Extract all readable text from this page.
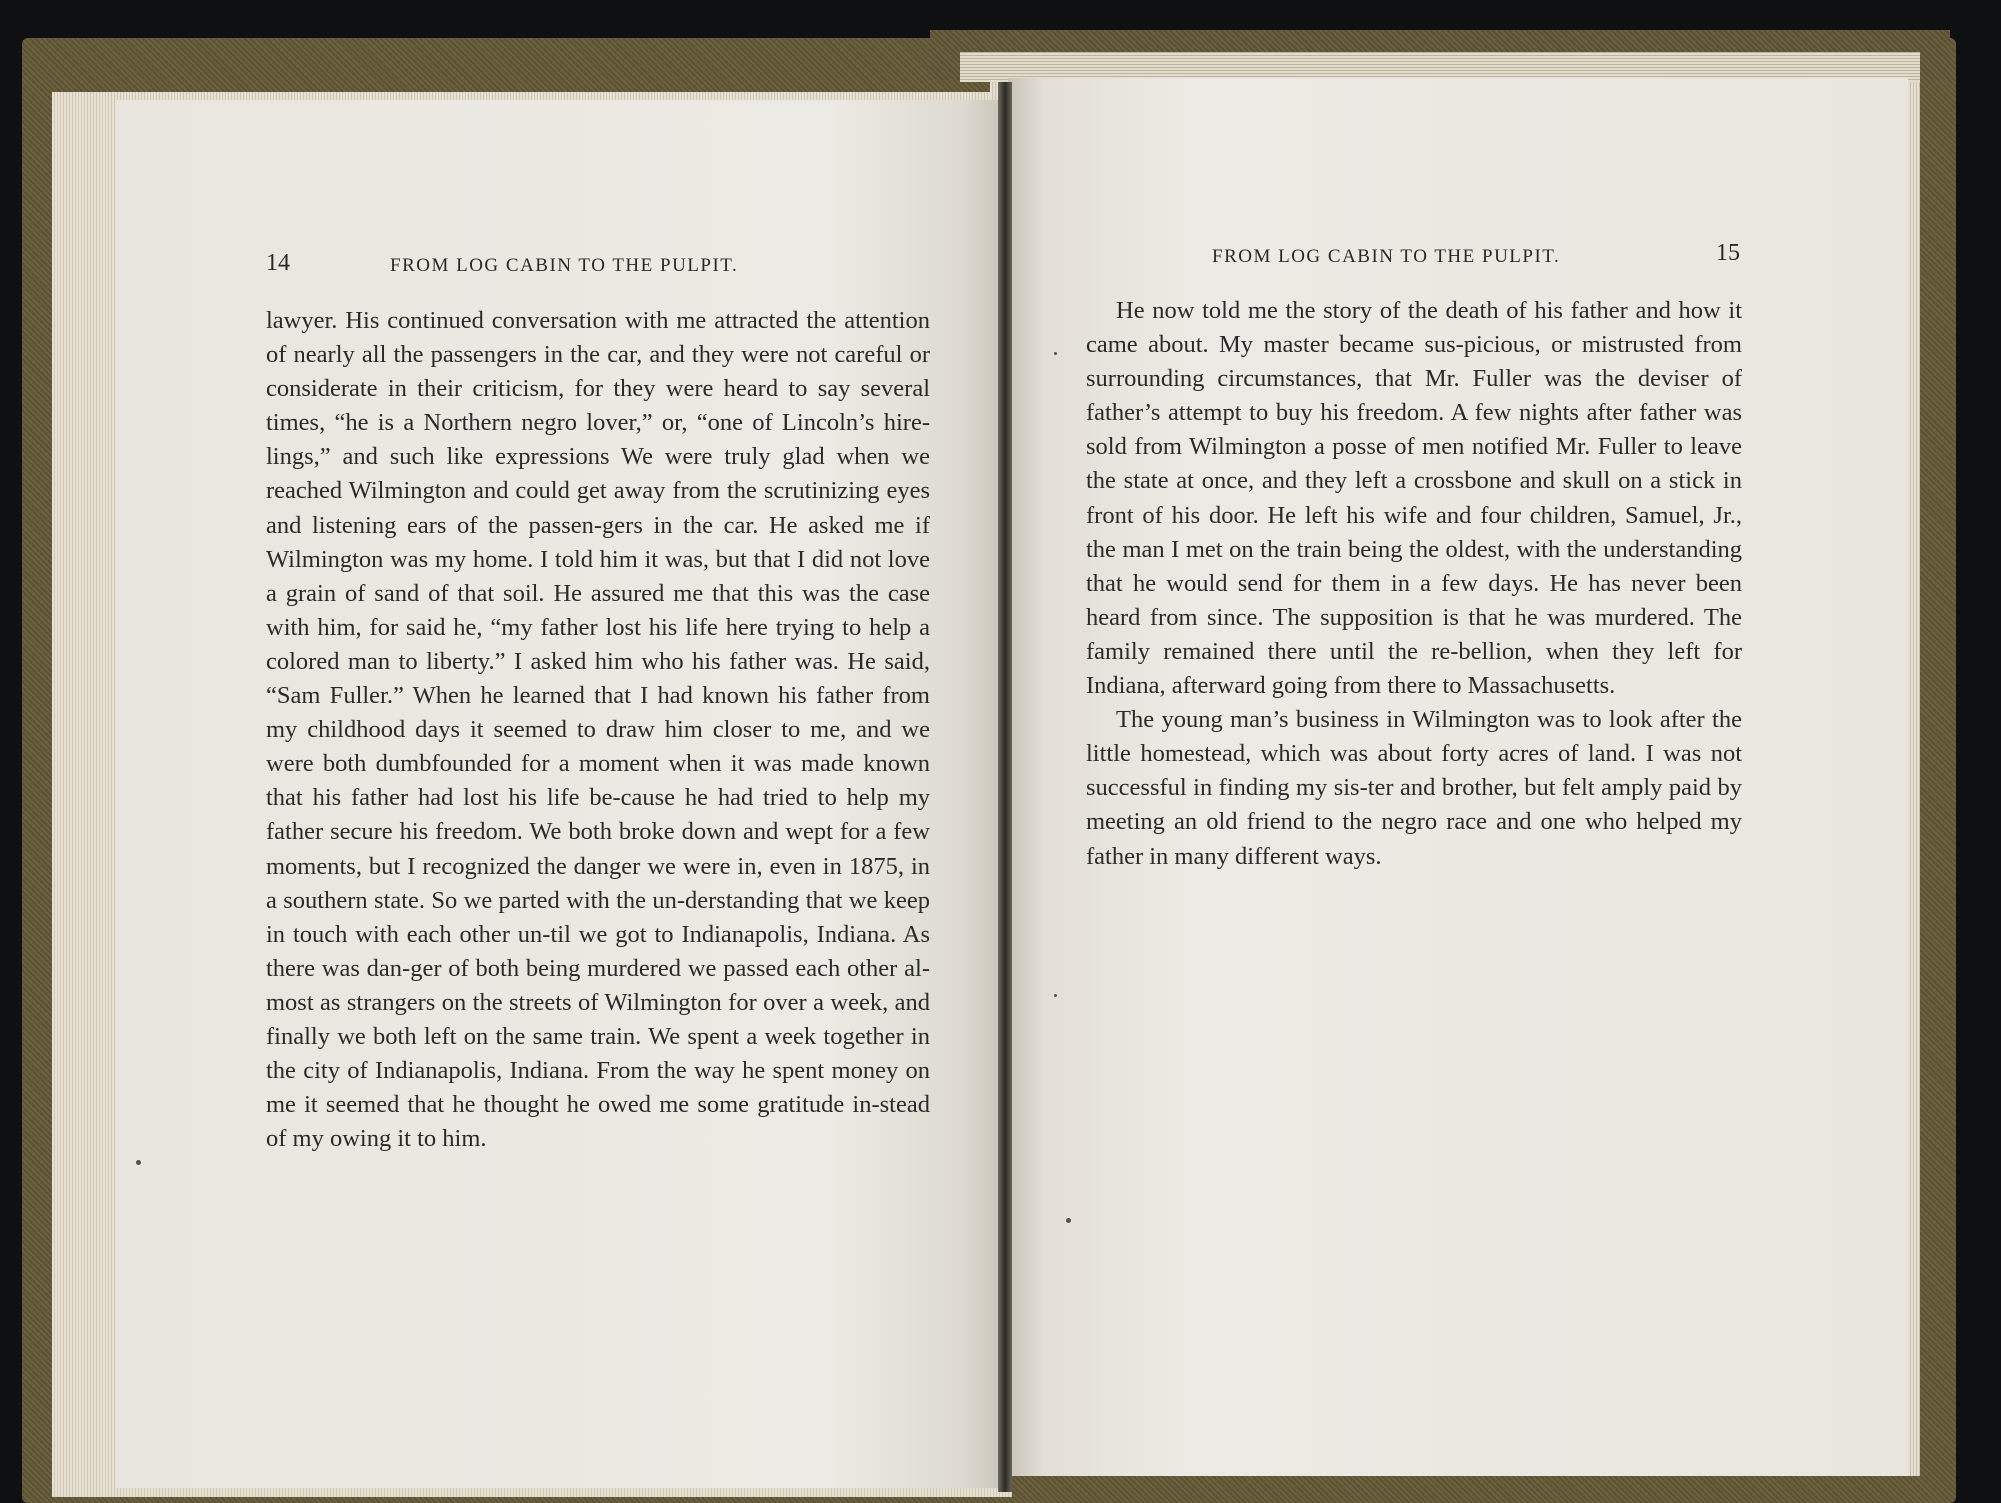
14	FROM LOG CABIN TO THE PULPIT.	FROM LOG CABIN TO THE PULPIT.	15

lawyer. His continued conversation with me attracted the attention of nearly all the passengers in the car, and they were not careful or considerate in their criticism, for they were heard to say several times, “he is a Northern negro lover,” or, “one of Lincoln’s hire-lings,” and such like expressions We were truly glad when we reached Wilmington and could get away from the scrutinizing eyes and listening ears of the passen-gers in the car. He asked me if Wilmington was my home. I told him it was, but that I did not love a grain of sand of that soil. He assured me that this was the case with him, for said he, “my father lost his life here trying to help a colored man to liberty.” I asked him who his father was. He said, “Sam Fuller.” When he learned that I had known his father from my childhood days it seemed to draw him closer to me, and we were both dumbfounded for a moment when it was made known that his father had lost his life be-cause he had tried to help my father secure his freedom. We both broke down and wept for a few moments, but I recognized the danger we were in, even in 1875, in a southern state. So we parted with the un-derstanding that we keep in touch with each other un-til we got to Indianapolis, Indiana. As there was dan-ger of both being murdered we passed each other al-most as strangers on the streets of Wilmington for over a week, and finally we both left on the same train. We spent a week together in the city of Indianapolis, Indiana. From the way he spent money on me it seemed that he thought he owed me some gratitude in-stead of my owing it to him.

He now told me the story of the death of his father and how it came about. My master became sus-picious, or mistrusted from surrounding circumstances, that Mr. Fuller was the deviser of father’s attempt to buy his freedom. A few nights after father was sold from Wilmington a posse of men notified Mr. Fuller to leave the state at once, and they left a crossbone and skull on a stick in front of his door. He left his wife and four children, Samuel, Jr., the man I met on the train being the oldest, with the understanding that he would send for them in a few days. He has never been heard from since. The supposition is that he was murdered. The family remained there until the re-bellion, when they left for Indiana, afterward going from there to Massachusetts.

The young man’s business in Wilmington was to look after the little homestead, which was about forty acres of land. I was not successful in finding my sis-ter and brother, but felt amply paid by meeting an old friend to the negro race and one who helped my father in many different ways.
